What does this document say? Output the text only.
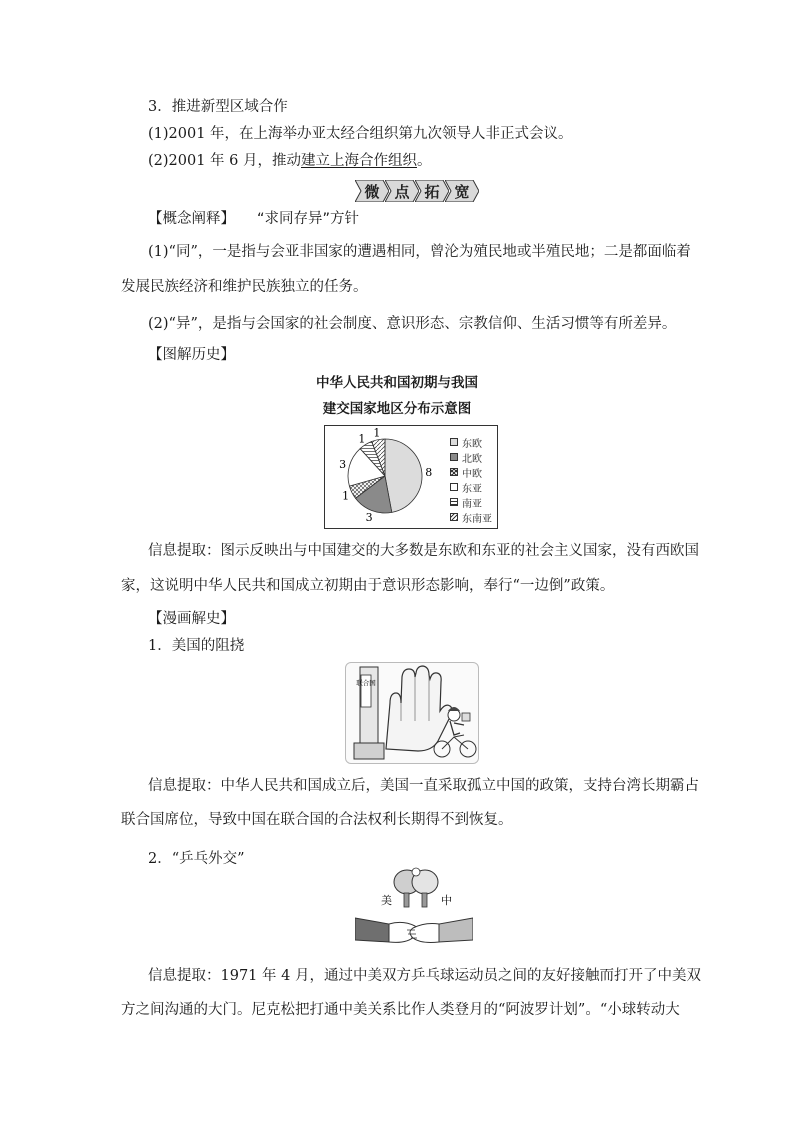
3．推进新型区域合作
(1)2001 年，在上海举办亚太经合组织第九次领导人非正式会议。
(2)2001 年 6 月，推动建立上海合作组织。
微 点 拓 宽
【概念阐释】 “求同存异”方针
(1)“同”，一是指与会亚非国家的遭遇相同，曾沦为殖民地或半殖民地；二是都面临着
发展民族经济和维护民族独立的任务。
(2)“异”，是指与会国家的社会制度、意识形态、宗教信仰、生活习惯等有所差异。
【图解历史】
中华人民共和国初期与我国
建交国家地区分布示意图
8
3
1
3
1 1
东欧
北欧
中欧
东亚
南亚
东南亚
信息提取：图示反映出与中国建交的大多数是东欧和东亚的社会主义国家，没有西欧国
家，这说明中华人民共和国成立初期由于意识形态影响，奉行“一边倒”政策。
【漫画解史】
1．美国的阻挠
联合国
信息提取：中华人民共和国成立后，美国一直采取孤立中国的政策，支持台湾长期霸占
联合国席位，导致中国在联合国的合法权利长期得不到恢复。
2．“乒乓外交”
美	中
信息提取：1971 年 4 月，通过中美双方乒乓球运动员之间的友好接触而打开了中美双
方之间沟通的大门。尼克松把打通中美关系比作人类登月的“阿波罗计划”。“小球转动大
